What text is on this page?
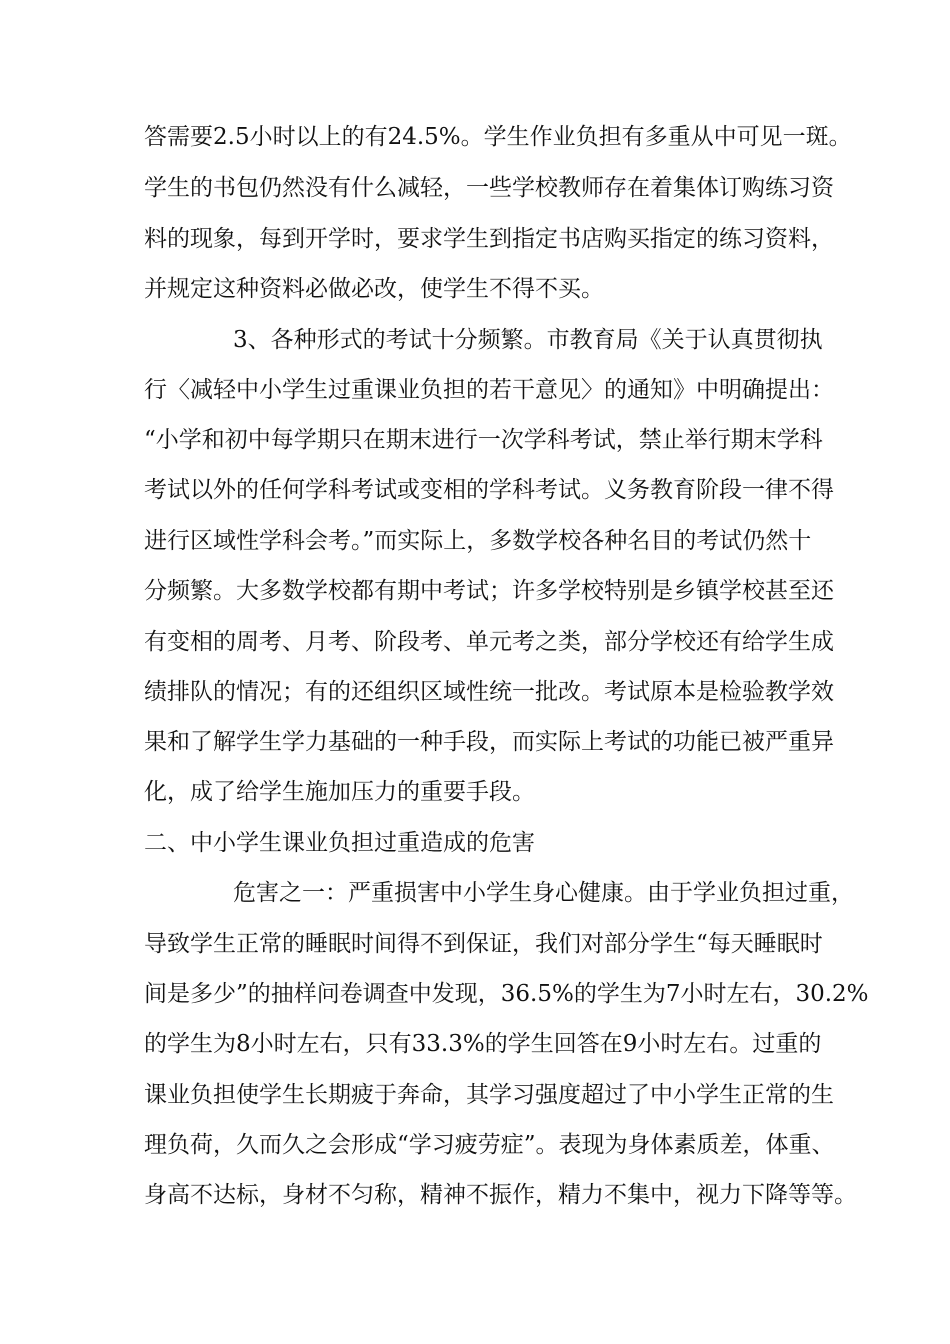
答需要2.5小时以上的有24.5%。学生作业负担有多重从中可见一斑。
学生的书包仍然没有什么减轻，一些学校教师存在着集体订购练习资
料的现象，每到开学时，要求学生到指定书店购买指定的练习资料，
并规定这种资料必做必改，使学生不得不买。
3、各种形式的考试十分频繁。市教育局《关于认真贯彻执
行〈减轻中小学生过重课业负担的若干意见〉的通知》中明确提出：
“小学和初中每学期只在期末进行一次学科考试，禁止举行期末学科
考试以外的任何学科考试或变相的学科考试。义务教育阶段一律不得
进行区域性学科会考。”而实际上，多数学校各种名目的考试仍然十
分频繁。大多数学校都有期中考试；许多学校特别是乡镇学校甚至还
有变相的周考、月考、阶段考、单元考之类，部分学校还有给学生成
绩排队的情况；有的还组织区域性统一批改。考试原本是检验教学效
果和了解学生学力基础的一种手段，而实际上考试的功能已被严重异
化，成了给学生施加压力的重要手段。
二、中小学生课业负担过重造成的危害
危害之一：严重损害中小学生身心健康。由于学业负担过重，
导致学生正常的睡眠时间得不到保证，我们对部分学生“每天睡眠时
间是多少”的抽样问卷调查中发现，36.5%的学生为7小时左右，30.2%
的学生为8小时左右，只有33.3%的学生回答在9小时左右。过重的
课业负担使学生长期疲于奔命，其学习强度超过了中小学生正常的生
理负荷，久而久之会形成“学习疲劳症”。表现为身体素质差，体重、
身高不达标，身材不匀称，精神不振作，精力不集中，视力下降等等。
